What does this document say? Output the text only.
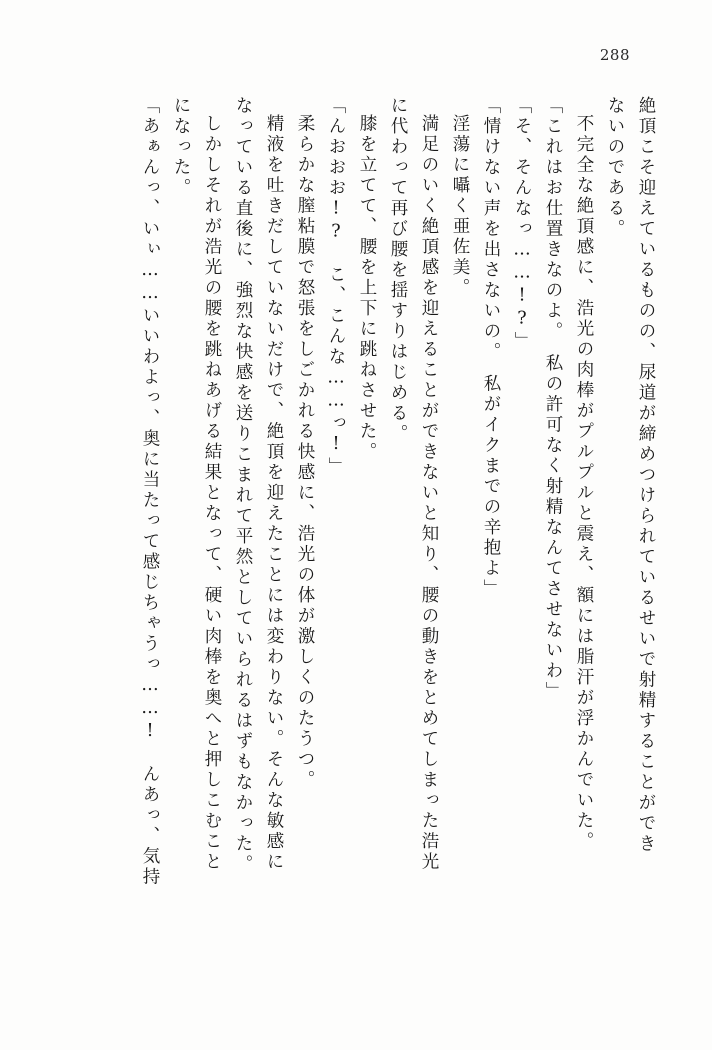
288
絶頂こそ迎えているものの、尿道が締めつけられているせいで射精することができ
ないのである。
不完全な絶頂感に、浩光の肉棒がプルプルと震え、額には脂汗が浮かんでいた。
「これはお仕置きなのよ。　私の許可なく射精なんてさせないわ」
「そ、そんなっ……!?」
「情けない声を出さないの。　私がイクまでの辛抱よ」
淫蕩に囁く亜佐美。
満足のいく絶頂感を迎えることができないと知り、腰の動きをとめてしまった浩光
に代わって再び腰を揺すりはじめる。
膝を立てて、腰を上下に跳ねさせた。
「んおおお!?　こ、こんな……っ!」
柔らかな膣粘膜で怒張をしごかれる快感に、浩光の体が激しくのたうつ。
精液を吐きだしていないだけで、絶頂を迎えたことには変わりない。そんな敏感に
なっている直後に、強烈な快感を送りこまれて平然としていられるはずもなかった。
しかしそれが浩光の腰を跳ねあげる結果となって、硬い肉棒を奥へと押しこむこと
になった。
「あぁんっ、いぃ……いいわよっ、奥に当たって感じちゃうっ……!　んあっ、気持
